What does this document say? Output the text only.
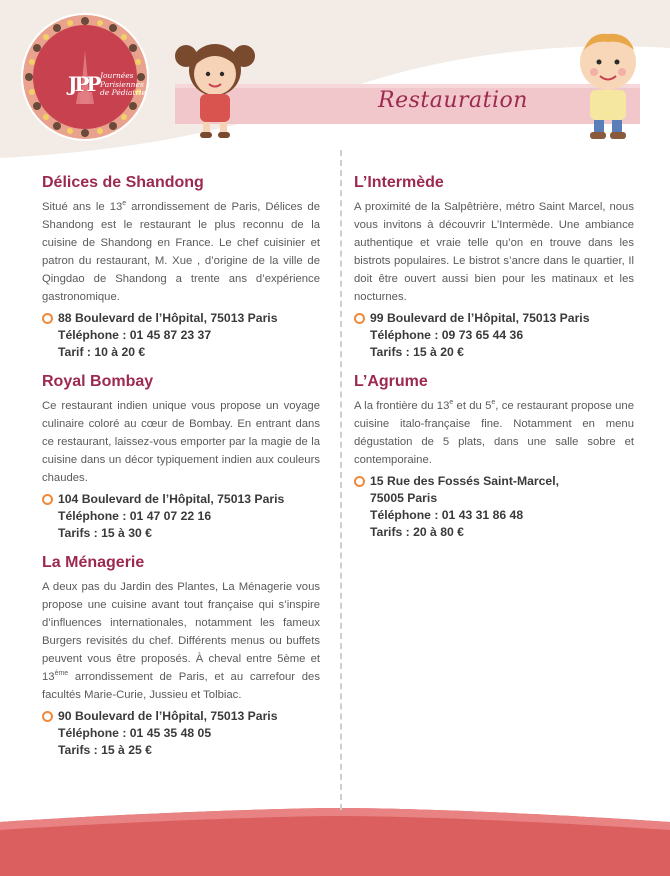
JPP Journées
Parisiennes
de Pédiatrie	Restauration
Délices de Shandong

Situé ans le 13e arrondissement de Paris, Délices de Shandong est le restaurant le plus reconnu de la cuisine de Shandong en France. Le chef cuisinier et patron du restaurant, M. Xue , d’origine de la ville de Qingdao de Shandong a trente ans d’expérience gastronomique.

88 Boulevard de l’Hôpital, 75013 Paris
Téléphone : 01 45 87 23 37
Tarif : 10 à 20 €
Royal Bombay

Ce restaurant indien unique vous propose un voyage culinaire coloré au cœur de Bombay. En entrant dans ce restaurant, laissez-vous emporter par la magie de la cuisine dans un décor typiquement indien aux couleurs chaudes.

104 Boulevard de l’Hôpital, 75013 Paris
Téléphone : 01 47 07 22 16
Tarifs : 15 à 30 €
La Ménagerie

A deux pas du Jardin des Plantes, La Ménagerie vous propose une cuisine avant tout française qui s’inspire d’influences internationales, notamment les fameux Burgers revisités du chef. Différents menus ou buffets peuvent vous être proposés. À cheval entre 5ème et 13ème arrondissement de Paris, et au carrefour des facultés Marie-Curie, Jussieu et Tolbiac.

90 Boulevard de l’Hôpital, 75013 Paris
Téléphone : 01 45 35 48 05
Tarifs : 15 à 25 €
L’Intermède

A proximité de la Salpêtrière, métro Saint Marcel, nous vous invitons à découvrir L’Intermède. Une ambiance authentique et vraie telle qu’on en trouve dans les bistrots populaires. Le bistrot s’ancre dans le quartier, Il doit être ouvert aussi bien pour les matinaux et les nocturnes.

99 Boulevard de l’Hôpital, 75013 Paris
Téléphone : 09 73 65 44 36
Tarifs : 15 à 20 €
L’Agrume

A la frontière du 13e et du 5e, ce restaurant propose une cuisine italo-française fine. Notamment en menu dégustation de 5 plats, dans une salle sobre et contemporaine.

15 Rue des Fossés Saint-Marcel,
75005 Paris
Téléphone : 01 43 31 86 48
Tarifs : 20 à 80 €
